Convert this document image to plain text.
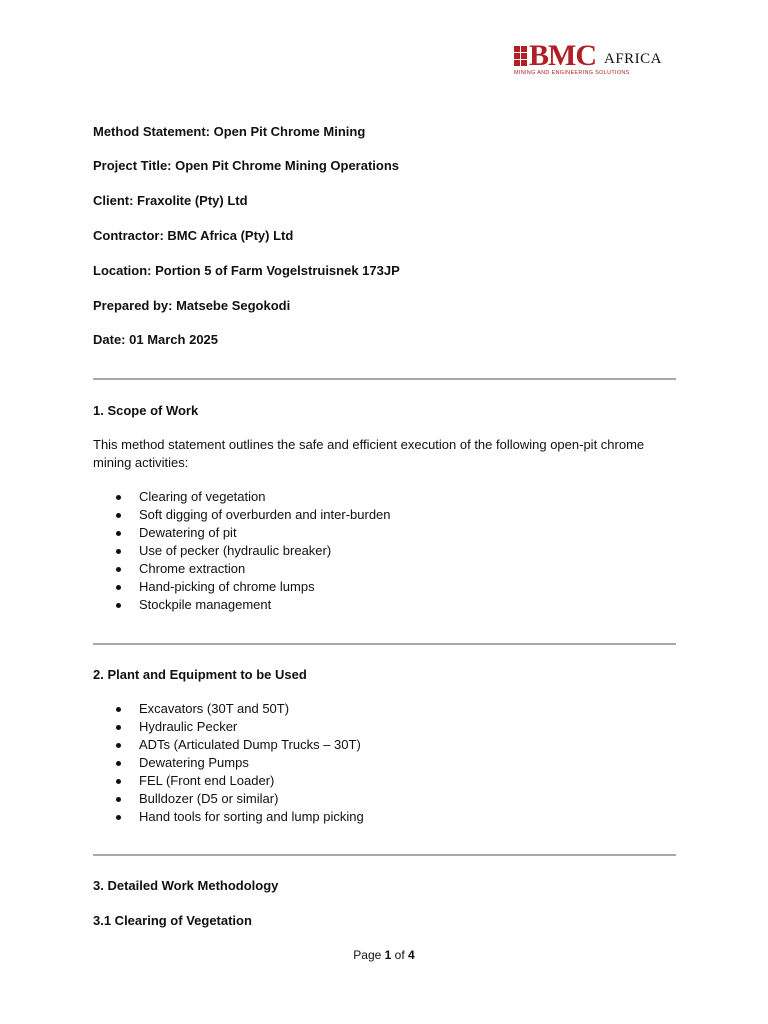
BMC AFRICA
MINING AND ENGINEERING SOLUTIONS
Method Statement: Open Pit Chrome Mining
Project Title: Open Pit Chrome Mining Operations
Client: Fraxolite (Pty) Ltd
Contractor: BMC Africa (Pty) Ltd
Location: Portion 5 of Farm Vogelstruisnek 173JP
Prepared by: Matsebe Segokodi
Date: 01 March 2025
1. Scope of Work
This method statement outlines the safe and efficient execution of the following open-pit chrome mining activities:
Clearing of vegetation
Soft digging of overburden and inter-burden
Dewatering of pit
Use of pecker (hydraulic breaker)
Chrome extraction
Hand-picking of chrome lumps
Stockpile management
2. Plant and Equipment to be Used
Excavators (30T and 50T)
Hydraulic Pecker
ADTs (Articulated Dump Trucks – 30T)
Dewatering Pumps
FEL (Front end Loader)
Bulldozer (D5 or similar)
Hand tools for sorting and lump picking
3. Detailed Work Methodology
3.1 Clearing of Vegetation
Page 1 of 4
